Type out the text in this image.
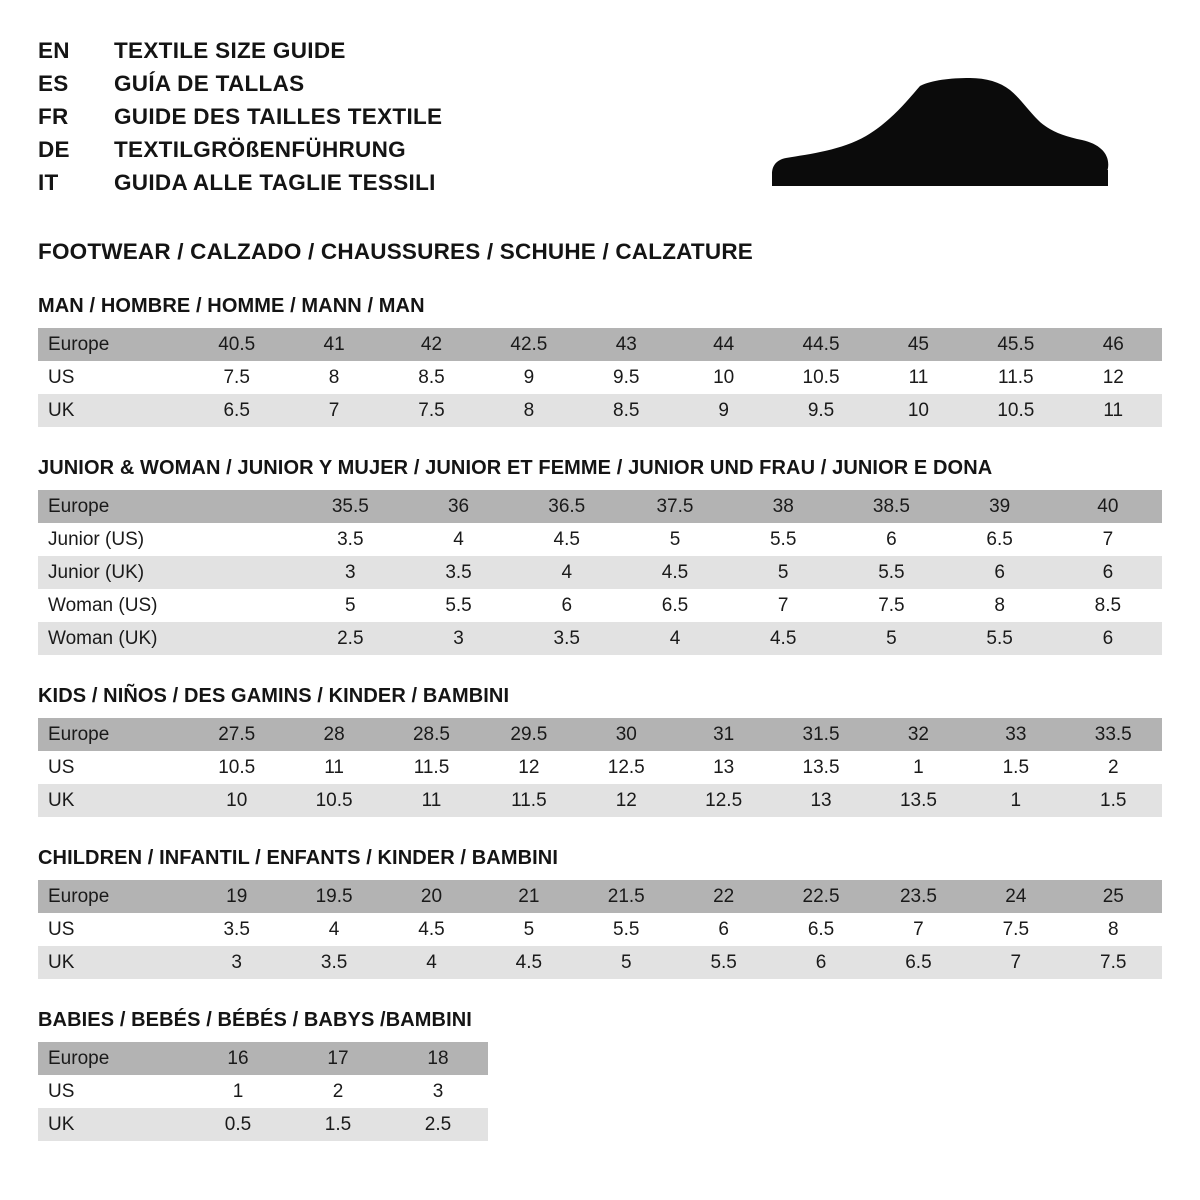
EN	TEXTILE SIZE GUIDE
ES	GUÍA DE TALLAS
FR	GUIDE DES TAILLES TEXTILE
DE	TEXTILGRÖßENFÜHRUNG
IT	GUIDA ALLE TAGLIE TESSILI
FOOTWEAR / CALZADO / CHAUSSURES / SCHUHE / CALZATURE
MAN / HOMBRE / HOMME / MANN / MAN
Europe	40.5	41	42	42.5	43	44	44.5	45	45.5	46
US	7.5	8	8.5	9	9.5	10	10.5	11	11.5	12
UK	6.5	7	7.5	8	8.5	9	9.5	10	10.5	11
JUNIOR & WOMAN / JUNIOR Y MUJER / JUNIOR ET FEMME / JUNIOR UND FRAU / JUNIOR E DONA
Europe		35.5	36	36.5	37.5	38	38.5	39	40
Junior (US)		3.5	4	4.5	5	5.5	6	6.5	7
Junior (UK)		3	3.5	4	4.5	5	5.5	6	6
Woman (US)		5	5.5	6	6.5	7	7.5	8	8.5
Woman (UK)		2.5	3	3.5	4	4.5	5	5.5	6
KIDS / NIÑOS / DES GAMINS / KINDER / BAMBINI
Europe	27.5	28	28.5	29.5	30	31	31.5	32	33	33.5
US	10.5	11	11.5	12	12.5	13	13.5	1	1.5	2
UK	10	10.5	11	11.5	12	12.5	13	13.5	1	1.5
CHILDREN / INFANTIL / ENFANTS / KINDER / BAMBINI
Europe	19	19.5	20	21	21.5	22	22.5	23.5	24	25
US	3.5	4	4.5	5	5.5	6	6.5	7	7.5	8
UK	3	3.5	4	4.5	5	5.5	6	6.5	7	7.5
BABIES / BEBÉS / BÉBÉS / BABYS /BAMBINI
Europe	16	17	18
US	1	2	3
UK	0.5	1.5	2.5
